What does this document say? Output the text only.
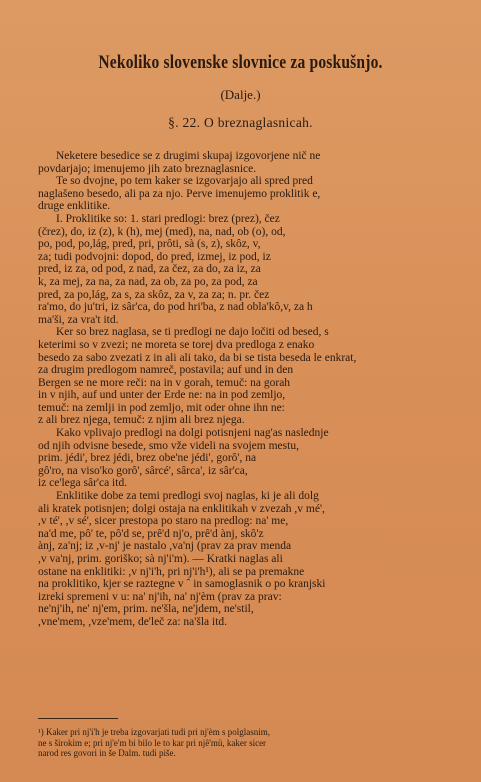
Nekoliko slovenske slovnice za poskušnjo.
(Dalje.)
§. 22. O breznaglasnicah.
Neketere besedice se z drugimi skupaj izgovorjene nič ne
povdarjajo; imenujemo jih zato breznaglasnice.
Te so dvojne, po tem kaker se izgovarjajo ali spred pred
naglašeno besedo, ali pa za njo. Perve imenujemo proklitik e,
druge enklitike.
I. Proklitike so: 1. stari predlogi: brez (prez), čez
(črez), do, iz (z), k (h), mej (med), na, nad, ob (o), od,
po, pod, po,lág, pred, pri, prôti, sà (s, z), skôz, v,
za; tudi podvojni: dopod, do pred, izmej, iz pod, iz
pred, iz za, od pod, z nad, za čez, za do, za iz, za
k, za mej, za na, za nad, za ob, za po, za pod, za
pred, za po,lág, za s, za skôz, za v, za za; n. pr. čez
ra'mo, do ju'tri, iz sâr'ca, do pod hri'ba, z nad obla'kô,v, za h
ma'ši, za vra't itd.
Ker so brez naglasa, se ti predlogi ne dajo ločiti od besed, s
keterimi so v zvezi; ne moreta se torej dva predloga z enako
besedo za sabo zvezati z in ali ali tako, da bi se tista beseda le enkrat,
za drugim predlogom namreč, postavila; auf und in den
Bergen se ne more reči: na in v gorah, temuč: na gorah
in v njih, auf und unter der Erde ne: na in pod zemljo,
temuč: na zemlji in pod zemljo, mit oder ohne ihn ne:
z ali brez njega, temuč: z njim ali brez njega.
Kako vplivajo predlogi na dolgi potisnjeni nag'as naslednje
od njih odvisne besede, smo vže videli na svojem mestu,
prim. jédi', brez jédi, brez obe'ne jédi', gorô', na
gô'ro, na viso'ko gorô', sârcé', sârca', iz sâr'ca,
iz ce'lega sâr'ca itd.
Enklitike dobe za temi predlogi svoj naglas, ki je ali dolg
ali kratek potisnjen; dolgi ostaja na enklitikah v zvezah ,v mé',
,v té', ,v sé', sicer prestopa po staro na predlog: na' me,
na'd me, pô' te, pô'd se, prê'd nj'o, prê'd ànj, skô'z
ànj, za'nj; iz ,v-nj' je nastalo ,va'nj (prav za prav menda
,v va'nj, prim. goriško; sà nj'i'm). — Kratki naglas ali
ostane na enklitiki: ,v nj'i'h, pri nj'i'h¹), ali se pa premakne
na proklitiko, kjer se raztegne v ˆ in samoglasnik o po kranjski
izreki spremeni v u: na' nj'ih, na' nj'èm (prav za prav:
ne'nj'ih, ne' nj'em, prim. ne'šla, ne'jdem, ne'stil,
,vne'mem, ,vze'mem, de'leč za: na'šla itd.
¹) Kaker pri nj'i'h je treba izgovarjati tudi pri nj'èm s polglasnim,
ne s širokim e; pri nj'e'm bi bilo le to kar pri njê'mü, kaker sicer
narod res govori in še Dalm. tudi piše.
